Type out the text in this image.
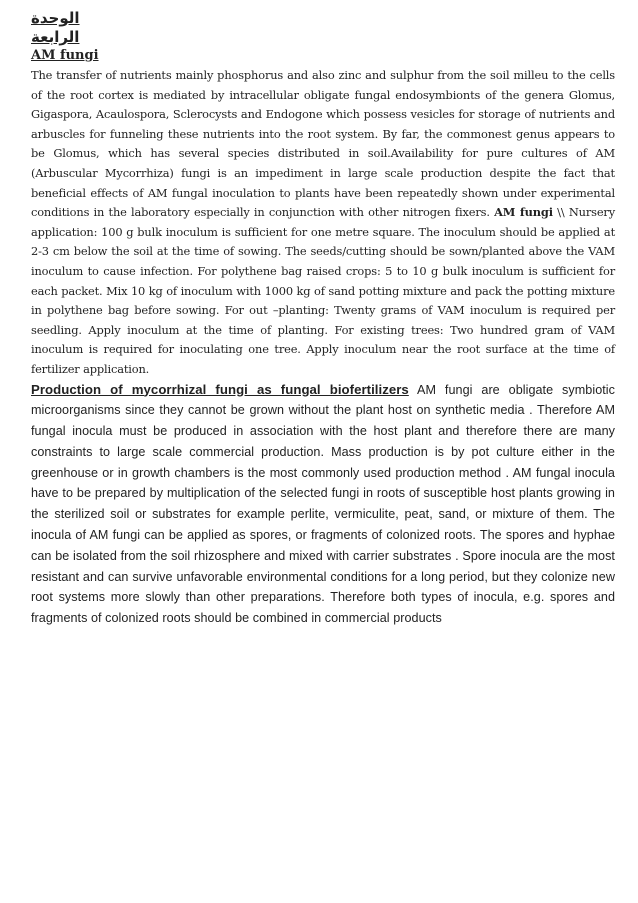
الوحدة الرابعة

AM fungi

The transfer of nutrients mainly phosphorus and also zinc and sulphur from the soil milleu to the cells of the root cortex is mediated by intracellular obligate fungal endosymbionts of the genera Glomus, Gigaspora, Acaulospora, Sclerocysts and Endogone which possess vesicles for storage of nutrients and arbuscles for funneling these nutrients into the root system. By far, the commonest genus appears to be Glomus, which has several species distributed in soil.Availability for pure cultures of AM (Arbuscular Mycorrhiza) fungi is an impediment in large scale production despite the fact that beneficial effects of AM fungal inoculation to plants have been repeatedly shown under experimental conditions in the laboratory especially in conjunction with other nitrogen fixers. AM fungi \\ Nursery application: 100 g bulk inoculum is sufficient for one metre square. The inoculum should be applied at 2-3 cm below the soil at the time of sowing. The seeds/cutting should be sown/planted above the VAM inoculum to cause infection. For polythene bag raised crops: 5 to 10 g bulk inoculum is sufficient for each packet. Mix 10 kg of inoculum with 1000 kg of sand potting mixture and pack the potting mixture in polythene bag before sowing. For out –planting: Twenty grams of VAM inoculum is required per seedling. Apply inoculum at the time of planting. For existing trees: Two hundred gram of VAM inoculum is required for inoculating one tree. Apply inoculum near the root surface at the time of fertilizer application.

Production of mycorrhizal fungi as fungal biofertilizers AM fungi are obligate symbiotic microorganisms since they cannot be grown without the plant host on synthetic media . Therefore AM fungal inocula must be produced in association with the host plant and therefore there are many constraints to large scale commercial production. Mass production is by pot culture either in the greenhouse or in growth chambers is the most commonly used production method . AM fungal inocula have to be prepared by multiplication of the selected fungi in roots of susceptible host plants growing in the sterilized soil or substrates for example perlite, vermiculite, peat, sand, or mixture of them. The inocula of AM fungi can be applied as spores, or fragments of colonized roots. The spores and hyphae can be isolated from the soil rhizosphere and mixed with carrier substrates . Spore inocula are the most resistant and can survive unfavorable environmental conditions for a long period, but they colonize new root systems more slowly than other preparations. Therefore both types of inocula, e.g. spores and fragments of colonized roots should be combined in commercial products
